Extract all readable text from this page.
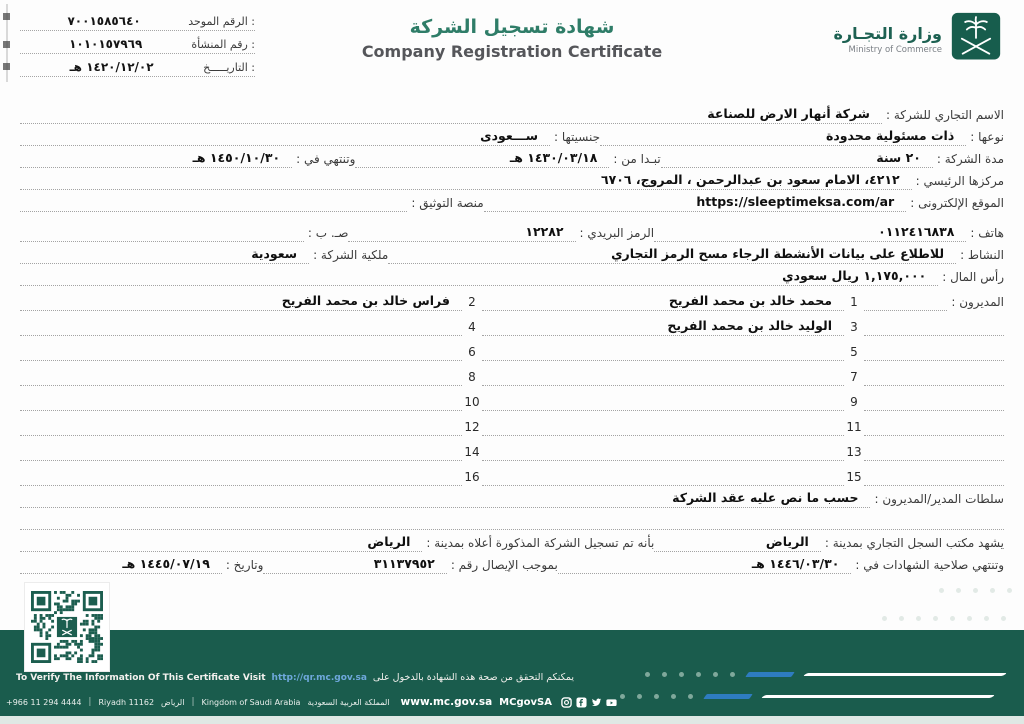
الرقم الموحد :
٧٠٠١٥٨٥٦٤٠
رقم المنشأة :
١٠١٠١٥٧٩٦٩
التاريـــــخ :
١٤٢٠/١٢/٠٢ هـ
شهادة تسجيل الشركة
Company Registration Certificate
وزارة التجـارة
Ministry of Commerce
الاسم التجاري للشركة :
شركة أنهار الارض للصناعة
نوعها :
ذات مسئولية محدودة
جنسيتها :
ســـعودى
مدة الشركة :
٢٠ سنة
تبـدا من :
١٤٣٠/٠٣/١٨ هـ
وتنتهي في :
١٤٥٠/١٠/٣٠ هـ
مركزها الرئيسي :
٤٢١٢، الامام سعود بن عبدالرحمن ، المروج، ٦٧٠٦
الموقع الإلكترونى :
https://sleeptimeksa.com/ar
منصة التوثيق :
هاتف :
٠١١٢٤١٦٨٣٨
الرمز البريدي :
١٢٢٨٢
صـ. ب :
النشاط :
للاطلاع على بيانات الأنشطة الرجاء مسح الرمز التجاري
ملكية الشركة :
سعودية
رأس المال :
١,١٧٥,٠٠٠ ريال سعودي
المديرون :
1
محمد خالد بن محمد الفريح
2
فراس خالد بن محمد الفريح
3
الوليد خالد بن محمد الفريح
4
5
6
7
8
9
10
11
12
13
14
15
16
سلطات المدير/المديرون :
حسب ما نص عليه عقد الشركة
يشهد مكتب السجل التجاري بمدينة :
الرياض
بأنه تم تسجيل الشركة المذكورة أعلاه بمدينة :
الرياض
وتنتهي صلاحية الشهادات في :
١٤٤٦/٠٣/٣٠ هـ
بموجب الإيصال رقم :
٣١١٣٧٩٥٢
وتاريخ :
١٤٤٥/٠٧/١٩ هـ
To Verify The Information Of This Certificate Visit http://qr.mc.gov.sa يمكنكم التحقق من صحة هذه الشهادة بالدخول على
+966 11 294 4444 | Riyadh 11162 الرياض | Kingdom of Saudi Arabia المملكة العربية السعودية www.mc.gov.sa MCgovSA
